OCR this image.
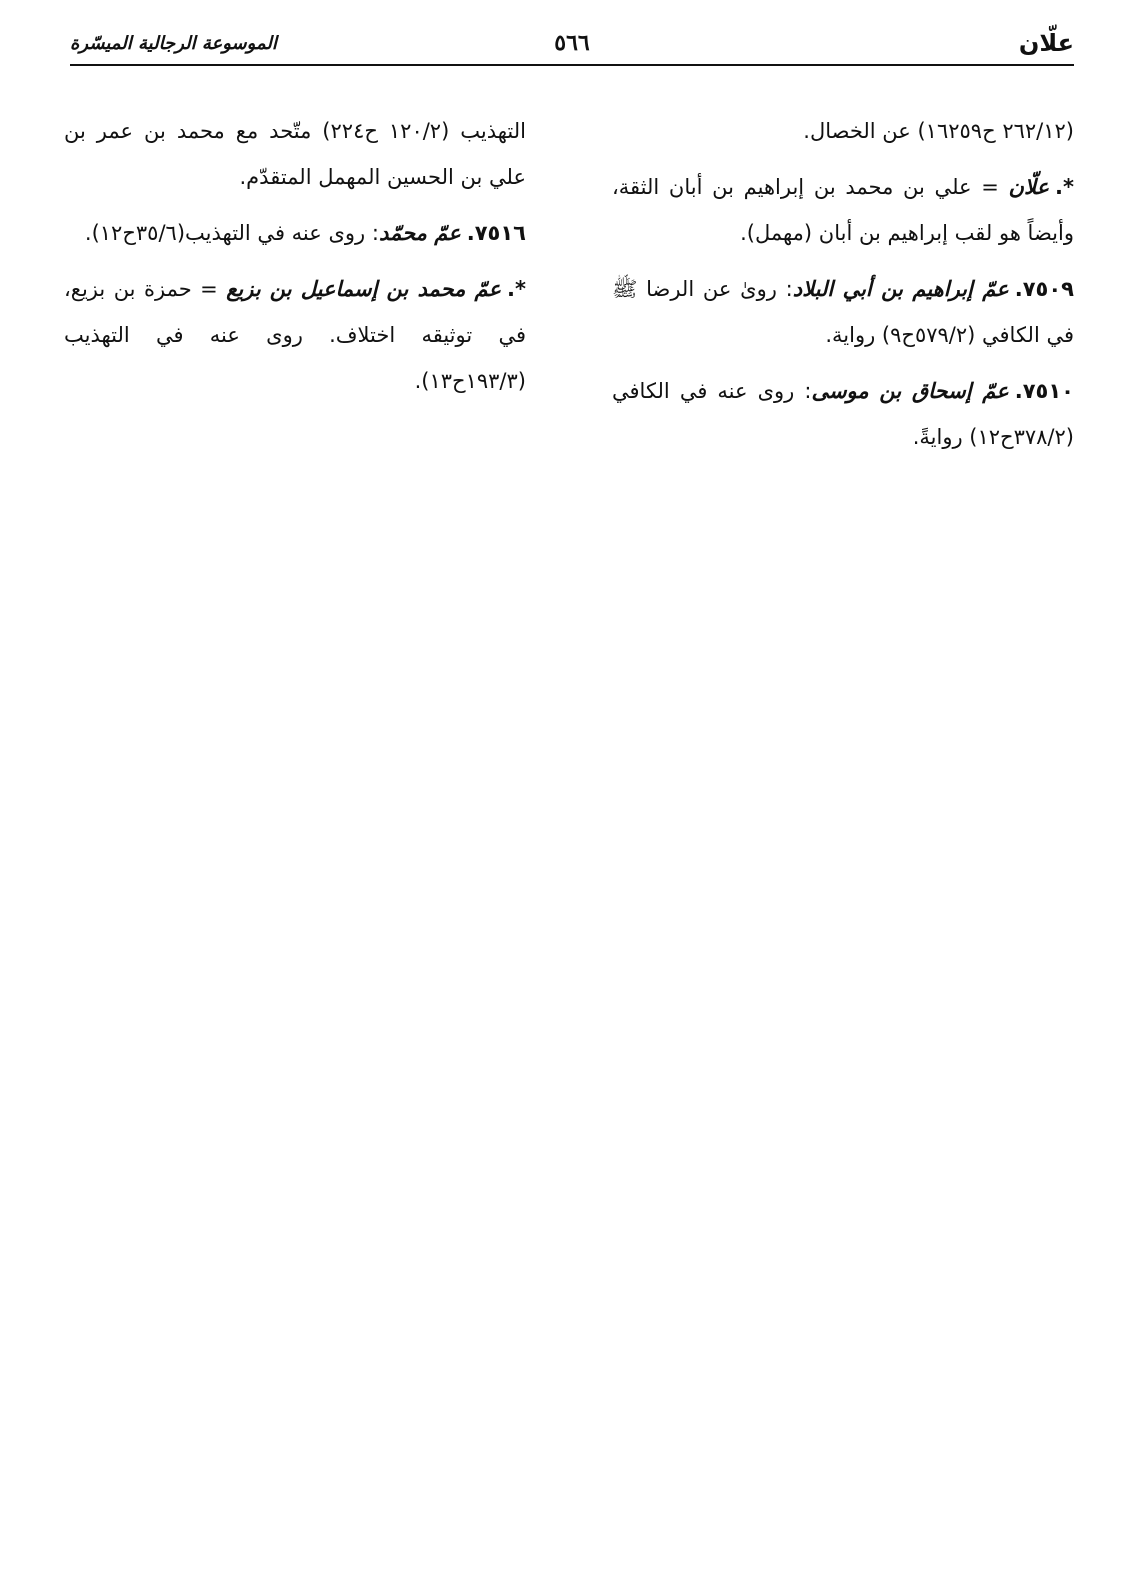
علّان
٥٦٦
الموسوعة الرجالية الميسّرة

(٢٦٢/١٢ ح١٦٢٥٩) عن الخصال.

*.علّان = علي بن محمد بن إبراهيم بن أبان الثقة، وأيضاً هو لقب إبراهيم بن أبان (مهمل).

٧٥٠٩.عمّ إبراهيم بن أبي البلاد: روىٰ عن الرضا ﷺ في الكافي (٥٧٩/٢ح٩) رواية.

٧٥١٠.عمّ إسحاق بن موسى: روى عنه في الكافي (٣٧٨/٢ح١٢) روايةً.

التهذيب (١٢٠/٢ ح٢٢٤) متّحد مع محمد بن عمر بن علي بن الحسين المهمل المتقدّم.

٧٥١٦.عمّ محمّد: روى عنه في التهذيب(٣٥/٦ح١٢).

*.عمّ محمد بن إسماعيل بن بزيع = حمزة بن بزيع، في توثيقه اختلاف. روى عنه في التهذيب (١٩٣/٣ح١٣).
